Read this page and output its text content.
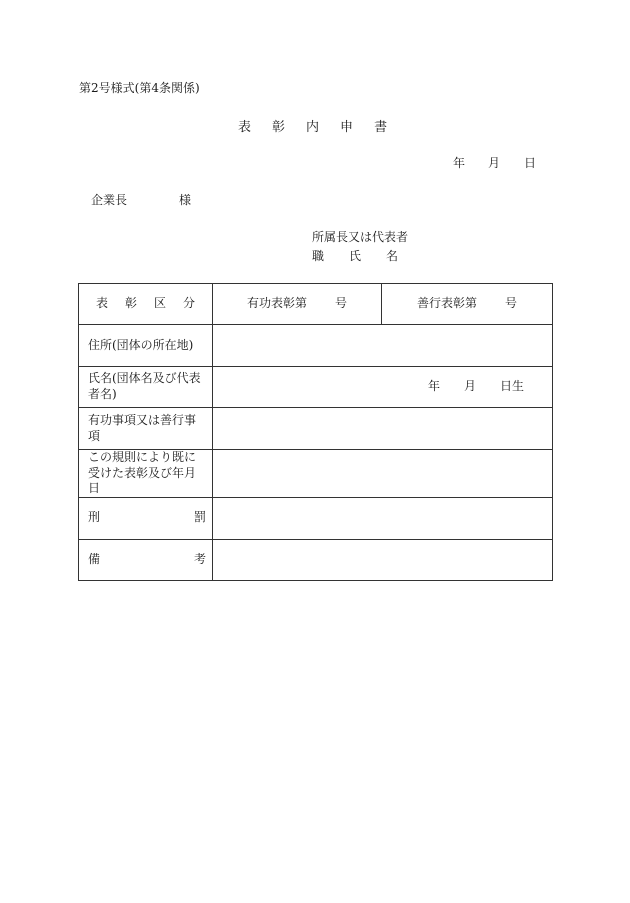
第2号様式(第4条関係)
表 彰 内 申 書
年 月 日
企業長	様
所属長又は代表者
職 氏 名
表 彰 区 分	有功表彰第 号	善行表彰第 号
住所(団体の所在地)		
氏名(団体名及び代表者名)	年 月 日生	
有功事項又は善行事項		
この規則により既に受けた表彰及び年月日		

刑 罰		

備 考		
